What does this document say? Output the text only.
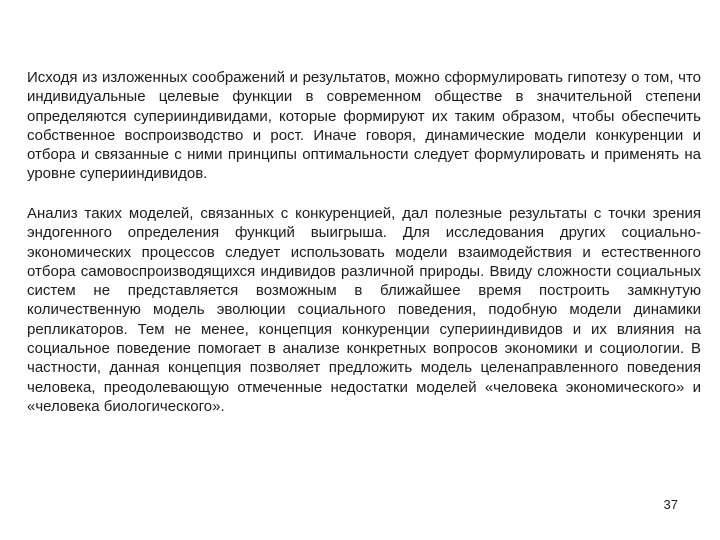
Исходя из изложенных соображений и результатов, можно сформулировать гипотезу о том, что индивидуальные целевые функции в современном обществе в значительной степени определяются суперииндивидами, которые формируют их таким образом, чтобы обеспечить собственное воспроизводство и рост. Иначе говоря, динамические модели конкуренции и отбора и связанные с ними принципы оптимальности следует формулировать и применять на уровне суперииндивидов.

Анализ таких моделей, связанных с конкуренцией, дал полезные результаты с точки зрения эндогенного определения функций выигрыша. Для исследования других социально-экономических процессов следует использовать модели взаимодействия и естественного отбора самовоспроизводящихся индивидов различной природы. Ввиду сложности социальных систем не представляется возможным в ближайшее время построить замкнутую количественную модель эволюции социального поведения, подобную модели динамики репликаторов. Тем не менее, концепция конкуренции суперииндивидов и их влияния на социальное поведение помогает в анализе конкретных вопросов экономики и социологии. В частности, данная концепция позволяет предложить модель целенаправленного поведения человека, преодолевающую отмеченные недостатки моделей «человека экономического» и «человека биологического».

37
